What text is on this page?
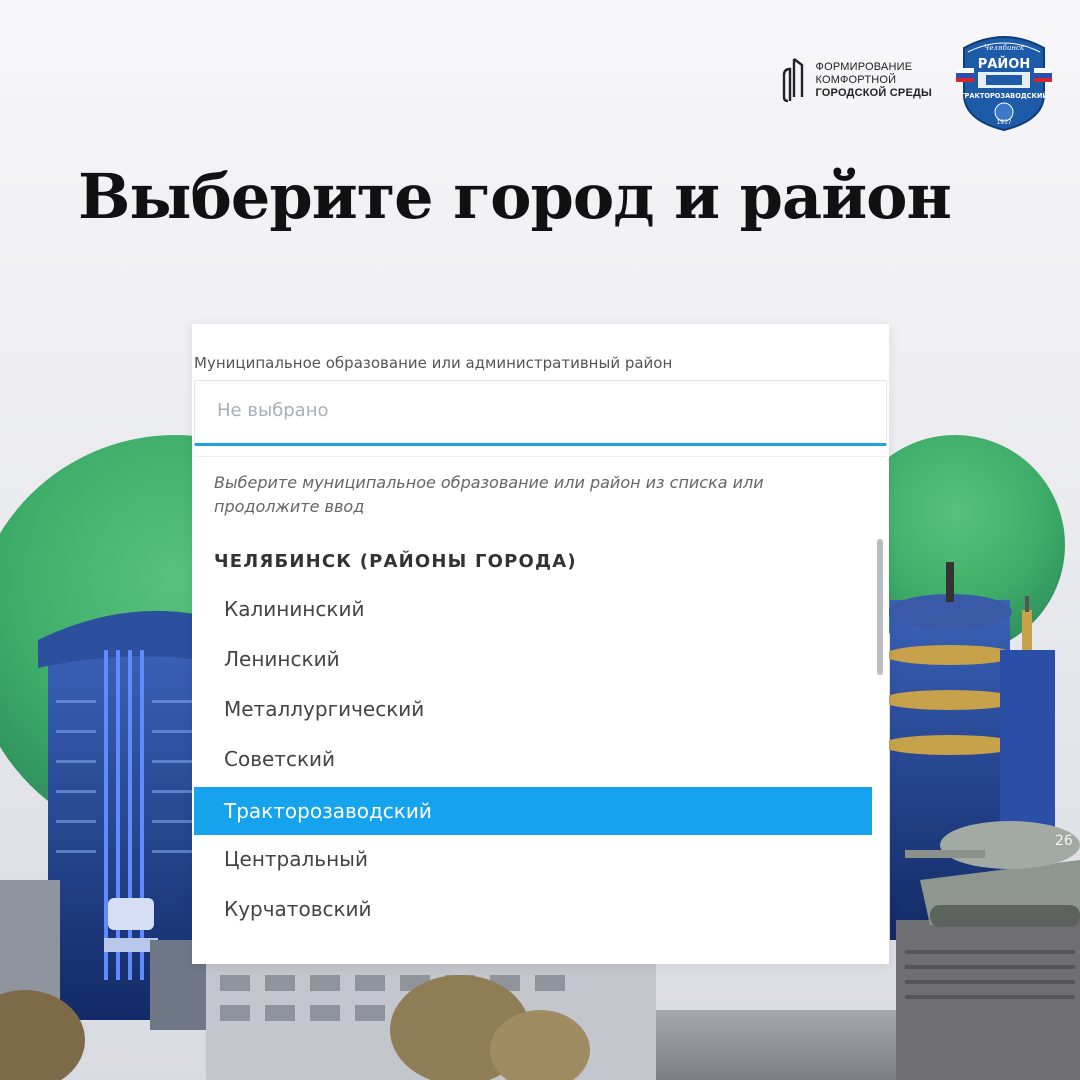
26
ФОРМИРОВАНИЕ
КОМФОРТНОЙ
ГОРОДСКОЙ СРЕДЫ
Челябинск
РАЙОН
ТРАКТОРОЗАВОДСКИЙ
1937
Выберите город и район
Муниципальное образование или административный район
Не выбрано
Выберите муниципальное образование или район из списка или продолжите ввод
ЧЕЛЯБИНСК (РАЙОНЫ ГОРОДА)
Калининский
Ленинский
Металлургический
Советский
Тракторозаводский
Центральный
Курчатовский
